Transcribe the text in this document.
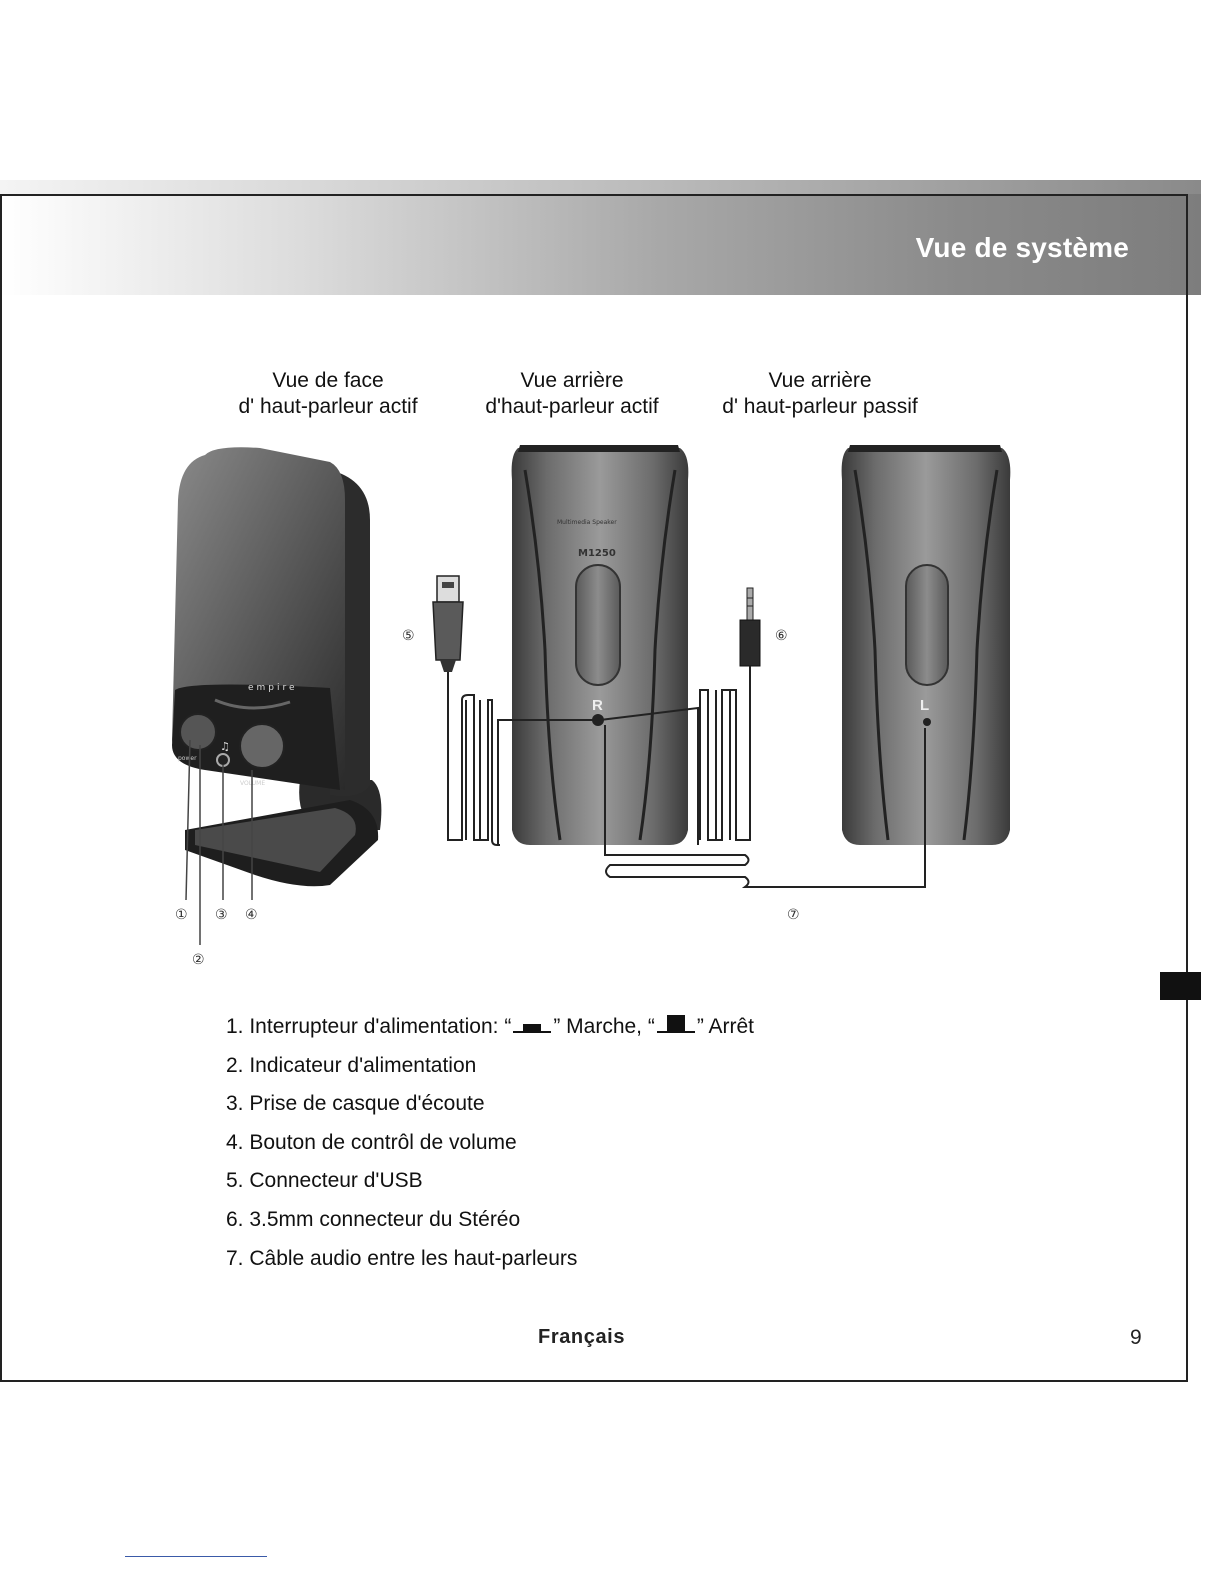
Vue de système
Vue de face
d' haut-parleur actif
Vue arrière
d'haut-parleur actif
Vue arrière
d' haut-parleur passif
empire
♫
power
VOLUME
Multimedia Speaker
M1250
R	L
①
②
③ ④
⑤	⑥
⑦
1. Interrupteur d'alimentation: “ ” Marche, “ ” Arrêt
2. Indicateur d'alimentation
3. Prise de casque d'écoute
4. Bouton de contrôl de volume
5. Connecteur d'USB
6. 3.5mm connecteur du Stéréo
7. Câble audio entre les haut-parleurs
Français	9
